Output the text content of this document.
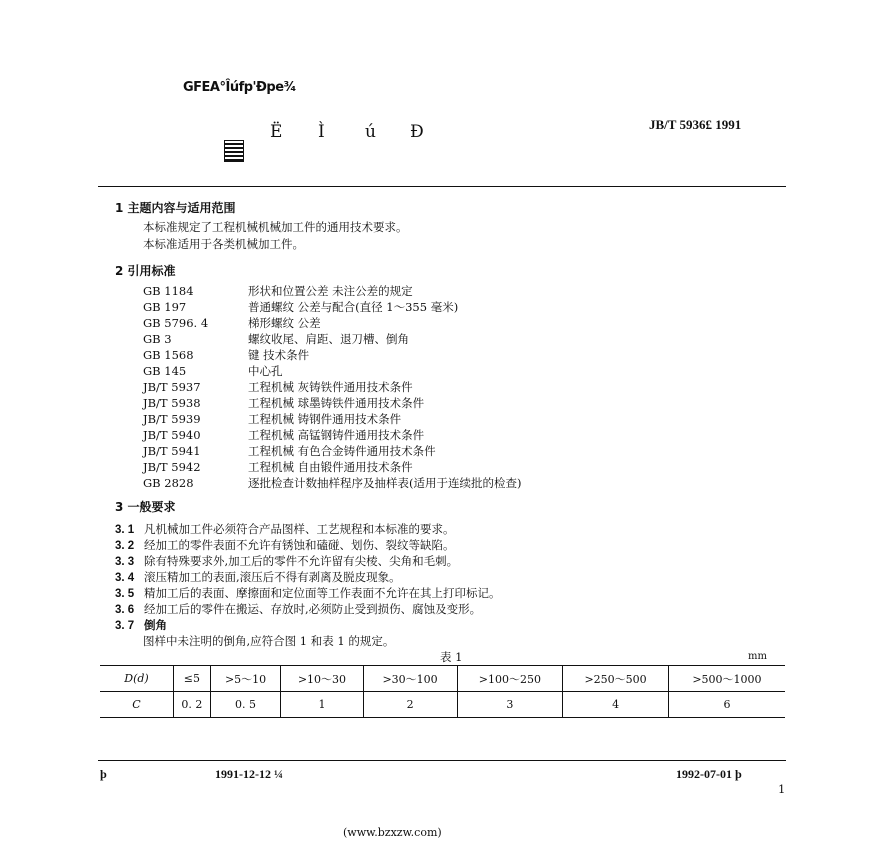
GFEA°Îúfp'Ðpe³⁄₄
JB/T 5936£ 1991
Ë Ì ú Ð
1 主题内容与适用范围
本标准规定了工程机械机械加工件的通用技术要求。
本标准适用于各类机械加工件。
2 引用标准
GB 1184	形状和位置公差 未注公差的规定
GB 197	普通螺纹 公差与配合(直径 1～355 毫米)
GB 5796. 4	梯形螺纹 公差
GB 3	螺纹收尾、肩距、退刀槽、倒角
GB 1568	键 技术条件
GB 145	中心孔
JB/T 5937	工程机械 灰铸铁件通用技术条件
JB/T 5938	工程机械 球墨铸铁件通用技术条件
JB/T 5939	工程机械 铸钢件通用技术条件
JB/T 5940	工程机械 高锰钢铸件通用技术条件
JB/T 5941	工程机械 有色合金铸件通用技术条件
JB/T 5942	工程机械 自由锻件通用技术条件
GB 2828	逐批检查计数抽样程序及抽样表(适用于连续批的检查)
3 一般要求
3. 1 凡机械加工件必须符合产品图样、工艺规程和本标准的要求。
3. 2 经加工的零件表面不允许有锈蚀和磕碰、划伤、裂纹等缺陷。
3. 3 除有特殊要求外,加工后的零件不允许留有尖棱、尖角和毛刺。
3. 4 滚压精加工的表面,滚压后不得有剥离及脱皮现象。
3. 5 精加工后的表面、摩擦面和定位面等工作表面不允许在其上打印标记。
3. 6 经加工后的零件在搬运、存放时,必须防止受到损伤、腐蚀及变形。
3. 7 倒角
图样中未注明的倒角,应符合图 1 和表 1 的规定。
表 1	mm
D(d)	≤5	>5～10	>10～30	>30～100	>100～250	>250～500	>500～1000
C	0. 2	0. 5	1	2	3	4	6
þ	1991-12-12 ¼	1992-07-01 þ
1
(www.bzxzw.com)
